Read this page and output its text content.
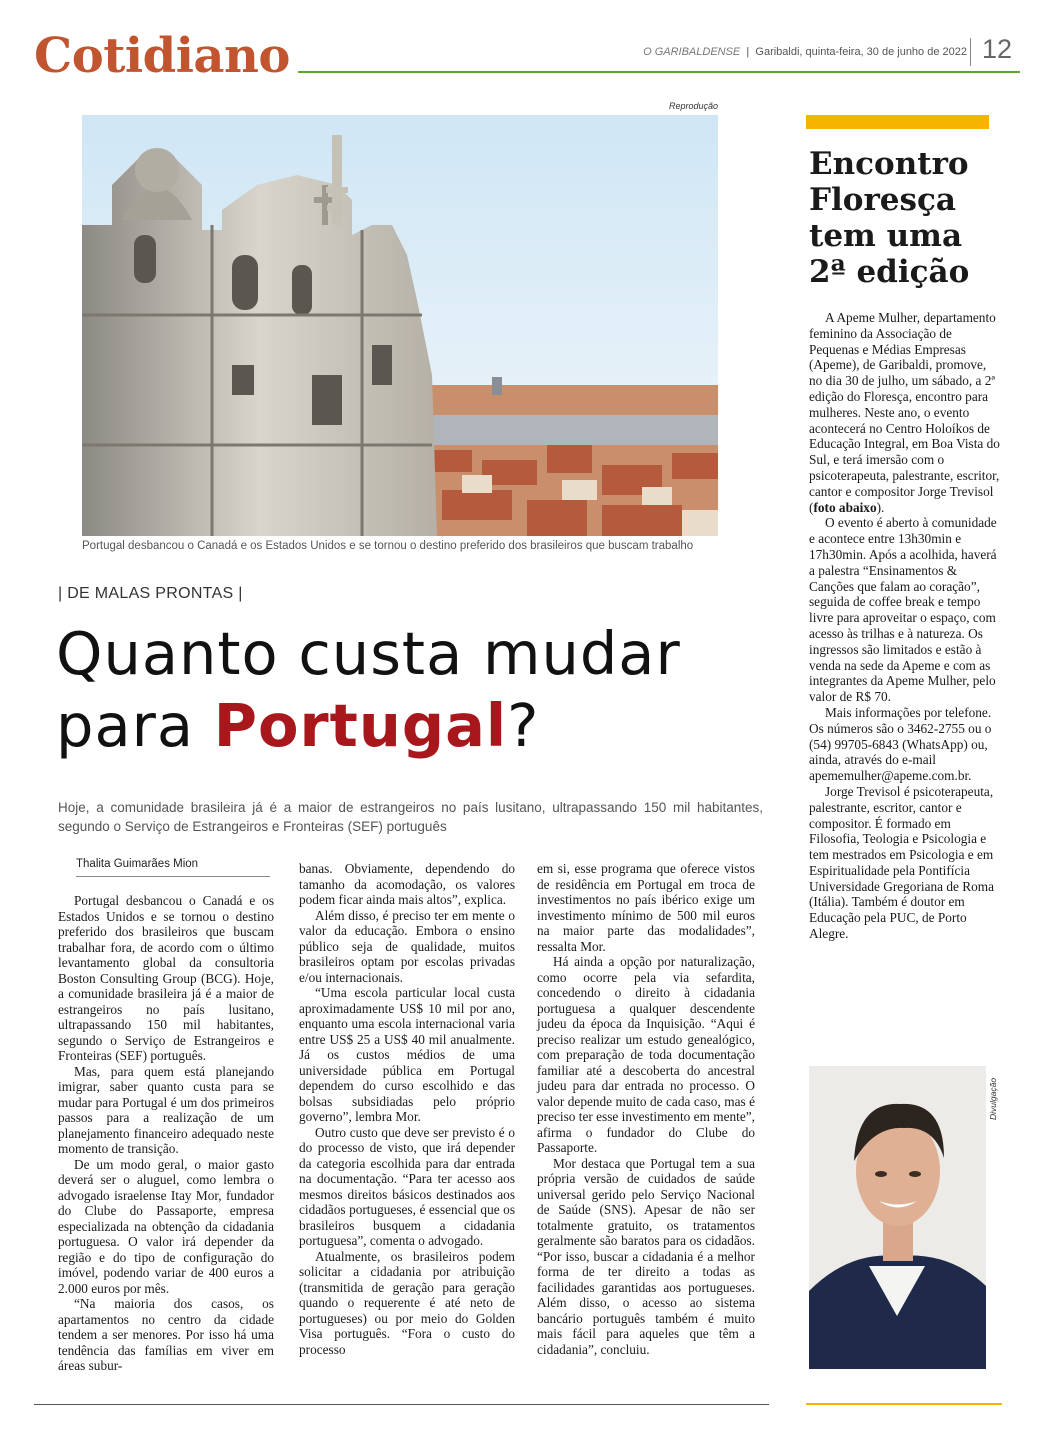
Cotidiano	O GARIBALDENSE  |  Garibaldi, quinta-feira, 30 de junho de 2022 12
Reprodução
Portugal desbancou o Canadá e os Estados Unidos e se tornou o destino preferido dos brasileiros que buscam trabalho
| DE MALAS PRONTAS |
Quanto custa mudar
para Portugal?
Hoje, a comunidade brasileira já é a maior de estrangeiros no país lusitano, ultrapassando 150 mil habitantes, segundo o Serviço de Estrangeiros e Fronteiras (SEF) português
Thalita Guimarães Mion

Portugal desbancou o Canadá e os Estados Unidos e se tornou o destino preferido dos brasileiros que buscam trabalhar fora, de acordo com o último levantamento global da consultoria Boston Consulting Group (BCG). Hoje, a comunidade brasileira já é a maior de estrangeiros no país lusitano, ultrapassando 150 mil habitantes, segundo o Serviço de Estrangeiros e Fronteiras (SEF) português.

Mas, para quem está planejando imigrar, saber quanto custa para se mudar para Portugal é um dos primeiros passos para a realização de um planejamento financeiro adequado neste momento de transição.

De um modo geral, o maior gasto deverá ser o aluguel, como lembra o advogado israelense Itay Mor, fundador do Clube do Passaporte, empresa especializada na obtenção da cidadania portuguesa. O valor irá depender da região e do tipo de configuração do imóvel, podendo variar de 400 euros a 2.000 euros por mês.

“Na maioria dos casos, os apartamentos no centro da cidade tendem a ser menores. Por isso há uma tendência das famílias em viver em áreas subur-

banas. Obviamente, dependendo do tamanho da acomodação, os valores podem ficar ainda mais altos”, explica.

Além disso, é preciso ter em mente o valor da educação. Embora o ensino público seja de qualidade, muitos brasileiros optam por escolas privadas e/ou internacionais.

“Uma escola particular local custa aproximadamente US$ 10 mil por ano, enquanto uma escola internacional varia entre US$ 25 a US$ 40 mil anualmente. Já os custos médios de uma universidade pública em Portugal dependem do curso escolhido e das bolsas subsidiadas pelo próprio governo”, lembra Mor.

Outro custo que deve ser previsto é o do processo de visto, que irá depender da categoria escolhida para dar entrada na documentação. “Para ter acesso aos mesmos direitos básicos destinados aos cidadãos portugueses, é essencial que os brasileiros busquem a cidadania portuguesa”, comenta o advogado.

Atualmente, os brasileiros podem solicitar a cidadania por atribuição (transmitida de geração para geração quando o requerente é até neto de portugueses) ou por meio do Golden Visa português. “Fora o custo do processo

em si, esse programa que oferece vistos de residência em Portugal em troca de investimentos no país ibérico exige um investimento mínimo de 500 mil euros na maior parte das modalidades”, ressalta Mor.

Há ainda a opção por naturalização, como ocorre pela via sefardita, concedendo o direito à cidadania portuguesa a qualquer descendente judeu da época da Inquisição. “Aqui é preciso realizar um estudo genealógico, com preparação de toda documentação familiar até a descoberta do ancestral judeu para dar entrada no processo. O valor depende muito de cada caso, mas é preciso ter esse investimento em mente”, afirma o fundador do Clube do Passaporte.

Mor destaca que Portugal tem a sua própria versão de cuidados de saúde universal gerido pelo Serviço Nacional de Saúde (SNS). Apesar de não ser totalmente gratuito, os tratamentos geralmente são baratos para os cidadãos. “Por isso, buscar a cidadania é a melhor forma de ter direito a todas as facilidades garantidas aos portugueses. Além disso, o acesso ao sistema bancário português também é muito mais fácil para aqueles que têm a cidadania”, concluiu.

Encontro Floresça tem uma 2ª edição

A Apeme Mulher, departamento feminino da Associação de Pequenas e Médias Empresas (Apeme), de Garibaldi, promove, no dia 30 de julho, um sábado, a 2ª edição do Floresça, encontro para mulheres. Neste ano, o evento acontecerá no Centro Holoíkos de Educação Integral, em Boa Vista do Sul, e terá imersão com o psicoterapeuta, palestrante, escritor, cantor e compositor Jorge Trevisol (foto abaixo).

O evento é aberto à comunidade e acontece entre 13h30min e 17h30min. Após a acolhida, haverá a palestra “Ensinamentos & Canções que falam ao coração”, seguida de coffee break e tempo livre para aproveitar o espaço, com acesso às trilhas e à natureza. Os ingressos são limitados e estão à venda na sede da Apeme e com as integrantes da Apeme Mulher, pelo valor de R$ 70.

Mais informações por telefone. Os números são o 3462-2755 ou o (54) 99705-6843 (WhatsApp) ou, ainda, através do e-mail apememulher@apeme.com.br.

Jorge Trevisol é psicoterapeuta, palestrante, escritor, cantor e compositor. É formado em Filosofia, Teologia e Psicologia e tem mestrados em Psicologia e em Espiritualidade pela Pontifícia Universidade Gregoriana de Roma (Itália). Também é doutor em Educação pela PUC, de Porto Alegre.

Divulgação
